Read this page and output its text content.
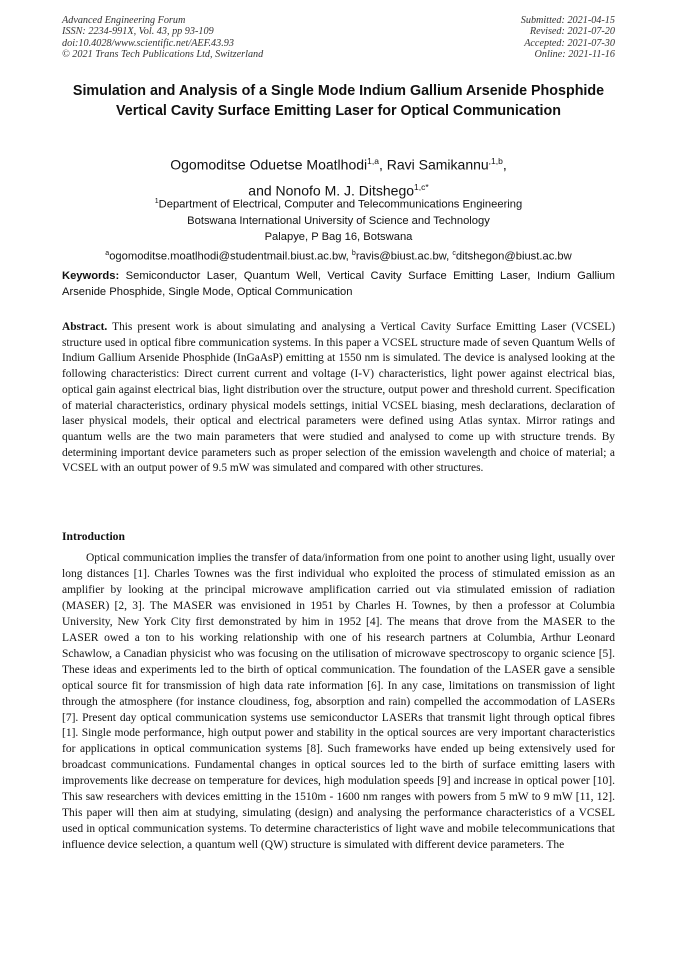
Advanced Engineering Forum
ISSN: 2234-991X, Vol. 43, pp 93-109
doi:10.4028/www.scientific.net/AEF.43.93
© 2021 Trans Tech Publications Ltd, Switzerland
Submitted: 2021-04-15
Revised: 2021-07-20
Accepted: 2021-07-30
Online: 2021-11-16
Simulation and Analysis of a Single Mode Indium Gallium Arsenide Phosphide Vertical Cavity Surface Emitting Laser for Optical Communication
Ogomoditse Oduetse Moatlhodi$^{1,a}$, Ravi Samikannu$^{,1,b}$,
and Nonofo M. J. Ditshego$^{1,c*}$
$^1$Department of Electrical, Computer and Telecommunications Engineering
Botswana International University of Science and Technology
Palapye, P Bag 16, Botswana
$^a$ogomoditse.moatlhodi@studentmail.biust.ac.bw, $^b$ravis@biust.ac.bw, $^c$ditshegon@biust.ac.bw
Keywords: Semiconductor Laser, Quantum Well, Vertical Cavity Surface Emitting Laser, Indium Gallium Arsenide Phosphide, Single Mode, Optical Communication
Abstract. This present work is about simulating and analysing a Vertical Cavity Surface Emitting Laser (VCSEL) structure used in optical fibre communication systems. In this paper a VCSEL structure made of seven Quantum Wells of Indium Gallium Arsenide Phosphide (InGaAsP) emitting at 1550 nm is simulated. The device is analysed looking at the following characteristics: Direct current current and voltage (I-V) characteristics, light power against electrical bias, optical gain against electrical bias, light distribution over the structure, output power and threshold current. Specification of material characteristics, ordinary physical models settings, initial VCSEL biasing, mesh declarations, declaration of laser physical models, their optical and electrical parameters were defined using Atlas syntax. Mirror ratings and quantum wells are the two main parameters that were studied and analysed to come up with structure trends. By determining important device parameters such as proper selection of the emission wavelength and choice of material; a VCSEL with an output power of 9.5 mW was simulated and compared with other structures.
Introduction
Optical communication implies the transfer of data/information from one point to another using light, usually over long distances [1]. Charles Townes was the first individual who exploited the process of stimulated emission as an amplifier by looking at the principal microwave amplification carried out via stimulated emission of radiation (MASER) [2, 3]. The MASER was envisioned in 1951 by Charles H. Townes, by then a professor at Columbia University, New York City first demonstrated by him in 1952 [4]. The means that drove from the MASER to the LASER owed a ton to his working relationship with one of his research partners at Columbia, Arthur Leonard Schawlow, a Canadian physicist who was focusing on the utilisation of microwave spectroscopy to organic science [5]. These ideas and experiments led to the birth of optical communication. The foundation of the LASER gave a sensible optical source fit for transmission of high data rate information [6]. In any case, limitations on transmission of light through the atmosphere (for instance cloudiness, fog, absorption and rain) compelled the accommodation of LASERs [7]. Present day optical communication systems use semiconductor LASERs that transmit light through optical fibres [1]. Single mode performance, high output power and stability in the optical sources are very important characteristics for applications in optical communication systems [8]. Such frameworks have ended up being extensively used for broadcast communications. Fundamental changes in optical sources led to the birth of surface emitting lasers with improvements like decrease on temperature for devices, high modulation speeds [9] and increase in optical power [10]. This saw researchers with devices emitting in the 1510m - 1600 nm ranges with powers from 5 mW to 9 mW [11, 12]. This paper will then aim at studying, simulating (design) and analysing the performance characteristics of a VCSEL used in optical communication systems. To determine characteristics of light wave and mobile telecommunications that influence device selection, a quantum well (QW) structure is simulated with different device parameters. The
